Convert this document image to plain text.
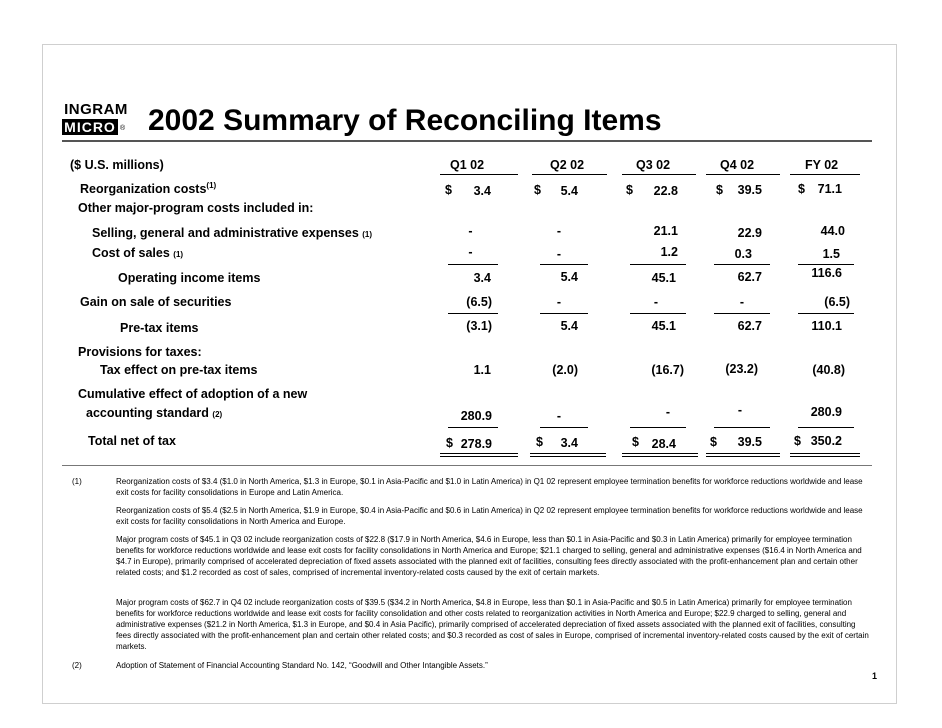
INGRAM
MICRO ® 2002 Summary of Reconciling Items
($ U.S. millions)	Q1 02	Q2 02	Q3 02	Q4 02	FY 02
Reorganization costs$^{(1)}$	$	3.4	$	5.4	$	22.8	$	39.5	$	71.1
Other major-program costs included in:
Selling, general and administrative expenses (1)	-	-	21.1	22.9	44.0
Cost of sales (1)	-	-	1.2	0.3	1.5
Operating income items	3.4	5.4	45.1	62.7	116.6
Gain on sale of securities	(6.5)	-	-	-	(6.5)
Pre-tax items	(3.1)	5.4	45.1	62.7	110.1
Provisions for taxes:
Tax effect on pre-tax items	1.1	(2.0)	(16.7)	(23.2)	(40.8)
Cumulative effect of adoption of a new
accounting standard (2)	280.9	-	-	-	280.9
Total net of tax	$ 278.9	$	3.4	$	28.4	$	39.5	$ 350.2
(1)	Reorganization costs of $3.4 ($1.0 in North America, $1.3 in Europe, $0.1 in Asia-Pacific and $1.0 in Latin America) in Q1 02 represent employee termination benefits for workforce reductions worldwide and lease exit costs for facility consolidations in Europe and Latin America.
Reorganization costs of $5.4 ($2.5 in North America, $1.9 in Europe, $0.4 in Asia-Pacific and $0.6 in Latin America) in Q2 02 represent employee termination benefits for workforce reductions worldwide and lease exit costs for facility consolidations in North America and Europe.
Major program costs of $45.1 in Q3 02 include reorganization costs of $22.8 ($17.9 in North America, $4.6 in Europe, less than $0.1 in Asia-Pacific and $0.3 in Latin America) primarily for employee termination benefits for workforce reductions worldwide and lease exit costs for facility consolidations in North America and Europe; $21.1 charged to selling, general and administrative expenses ($16.4 in North America and $4.7 in Europe), primarily comprised of accelerated depreciation of fixed assets associated with the planned exit of facilities, consulting fees directly associated with the profit-enhancement plan and certain other related costs; and $1.2 recorded as cost of sales, comprised of incremental inventory-related costs caused by the exit of certain markets.
Major program costs of $62.7 in Q4 02 include reorganization costs of $39.5 ($34.2 in North America, $4.8 in Europe, less than $0.1 in Asia-Pacific and $0.5 in Latin America) primarily for employee termination benefits for workforce reductions worldwide and lease exit costs for facility consolidation and other costs related to reorganization activities in North America and Europe; $22.9 charged to selling, general and administrative expenses ($21.2 in North America, $1.3 in Europe, and $0.4 in Asia Pacific), primarily comprised of accelerated depreciation of fixed assets associated with the planned exit of facilities, consulting fees directly associated with the profit-enhancement plan and certain other related costs; and $0.3 recorded as cost of sales in Europe, comprised of incremental inventory-related costs caused by the exit of certain markets.
(2)	Adoption of Statement of Financial Accounting Standard No. 142, “Goodwill and Other Intangible Assets.”
1
